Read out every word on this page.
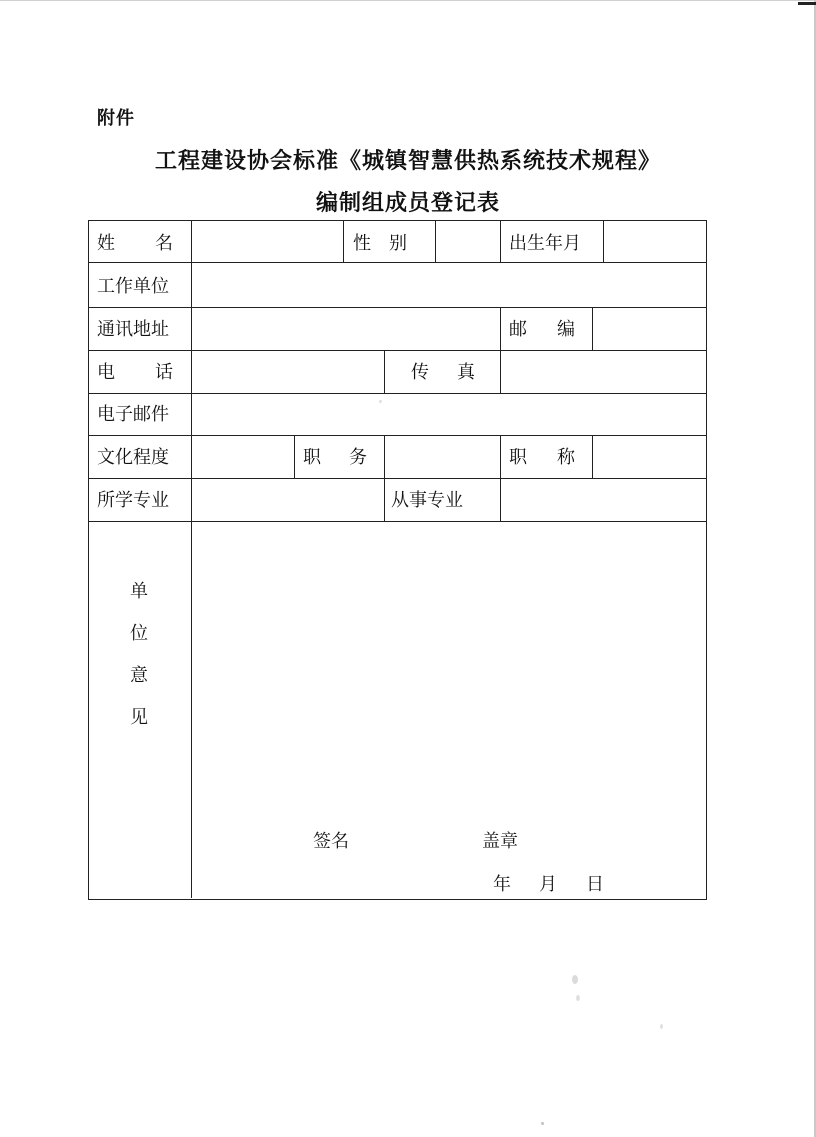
附件
工程建设协会标准《城镇智慧供热系统技术规程》
编制组成员登记表
姓 名	性 别	出生年月
工作单位
通讯地址	邮 编
电 话	传 真
电子邮件
文化程度	职 务	职 称
所学专业	从事专业
单
位
意
见
签名	盖章
年 月 日
